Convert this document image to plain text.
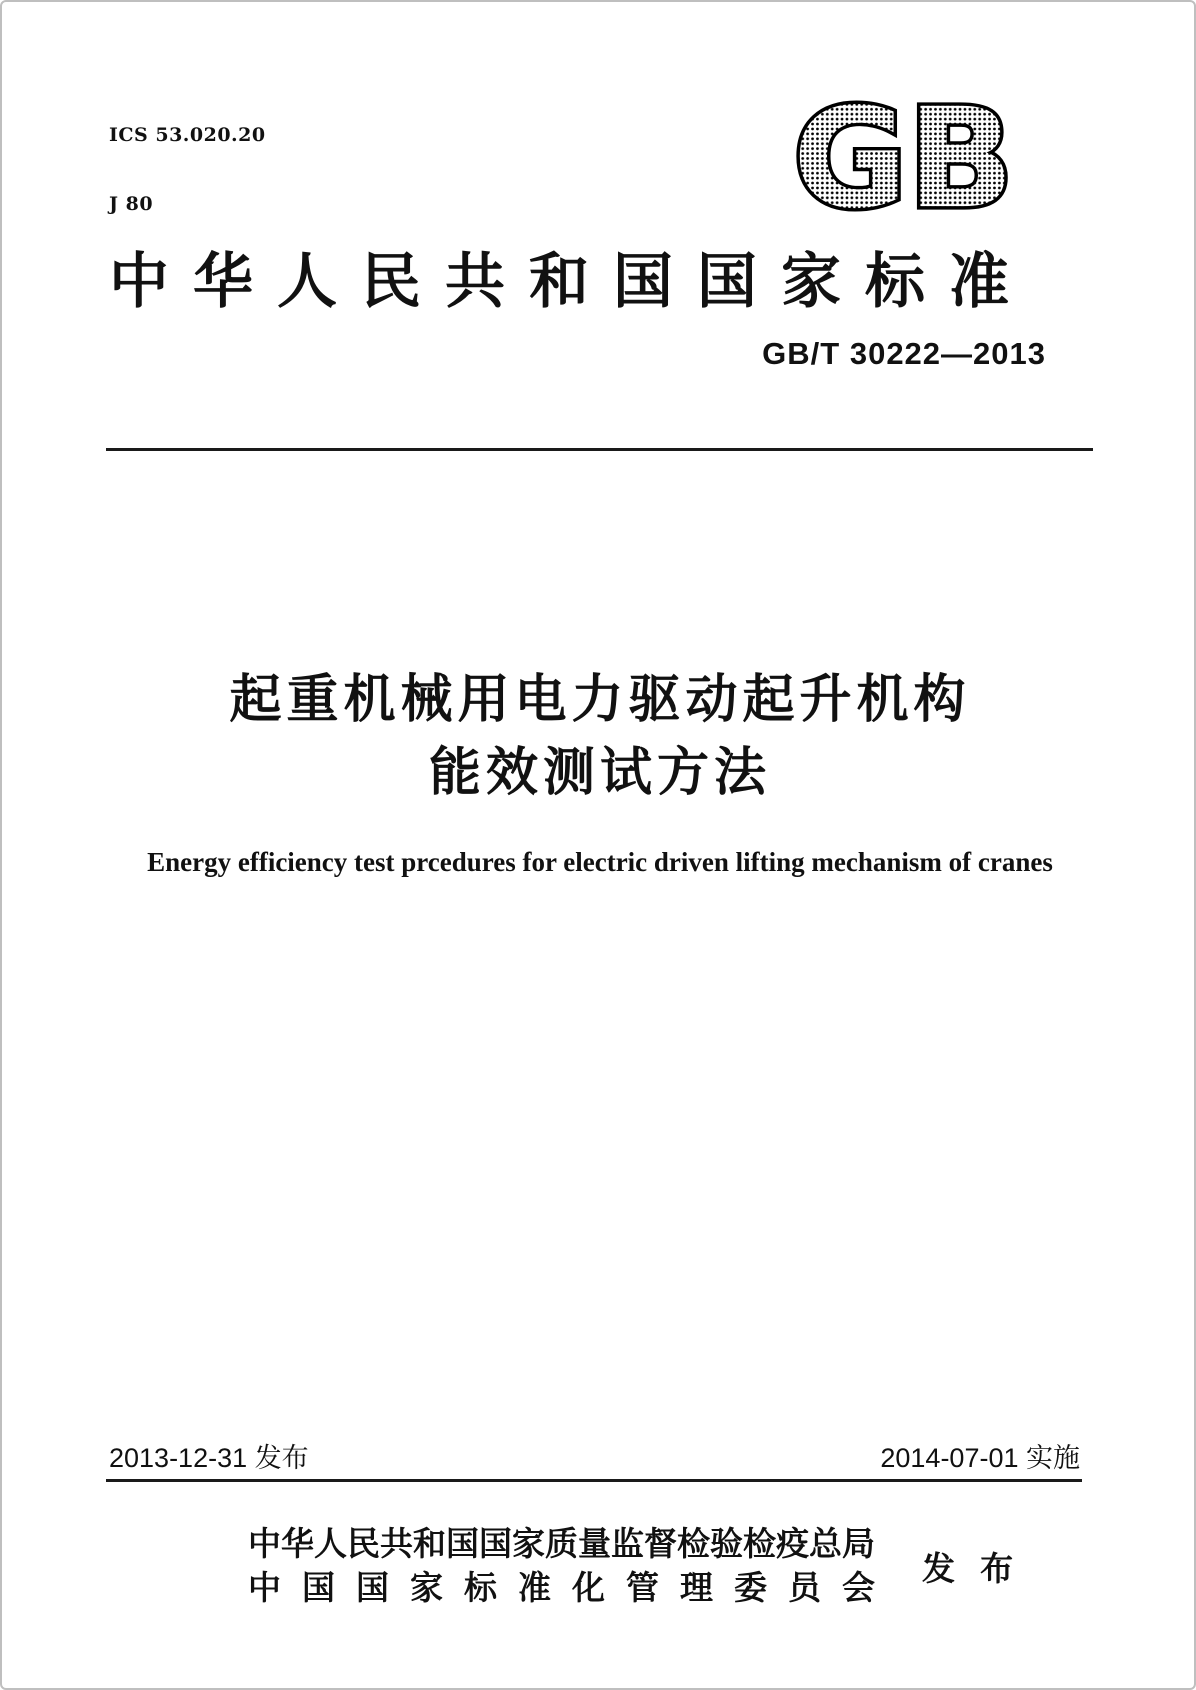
ICS 53.020.20

J 80

	GB
中华人民共和国国家标准
GB/T 30222—2013
起重机械用电力驱动起升机构
能效测试方法
Energy efficiency test prcedures for electric driven lifting mechanism of cranes
2013-12-31 发布	2014-07-01 实施
中华人民共和国国家质量监督检验检疫总局
中国国家标准化管理委员会
发 布
